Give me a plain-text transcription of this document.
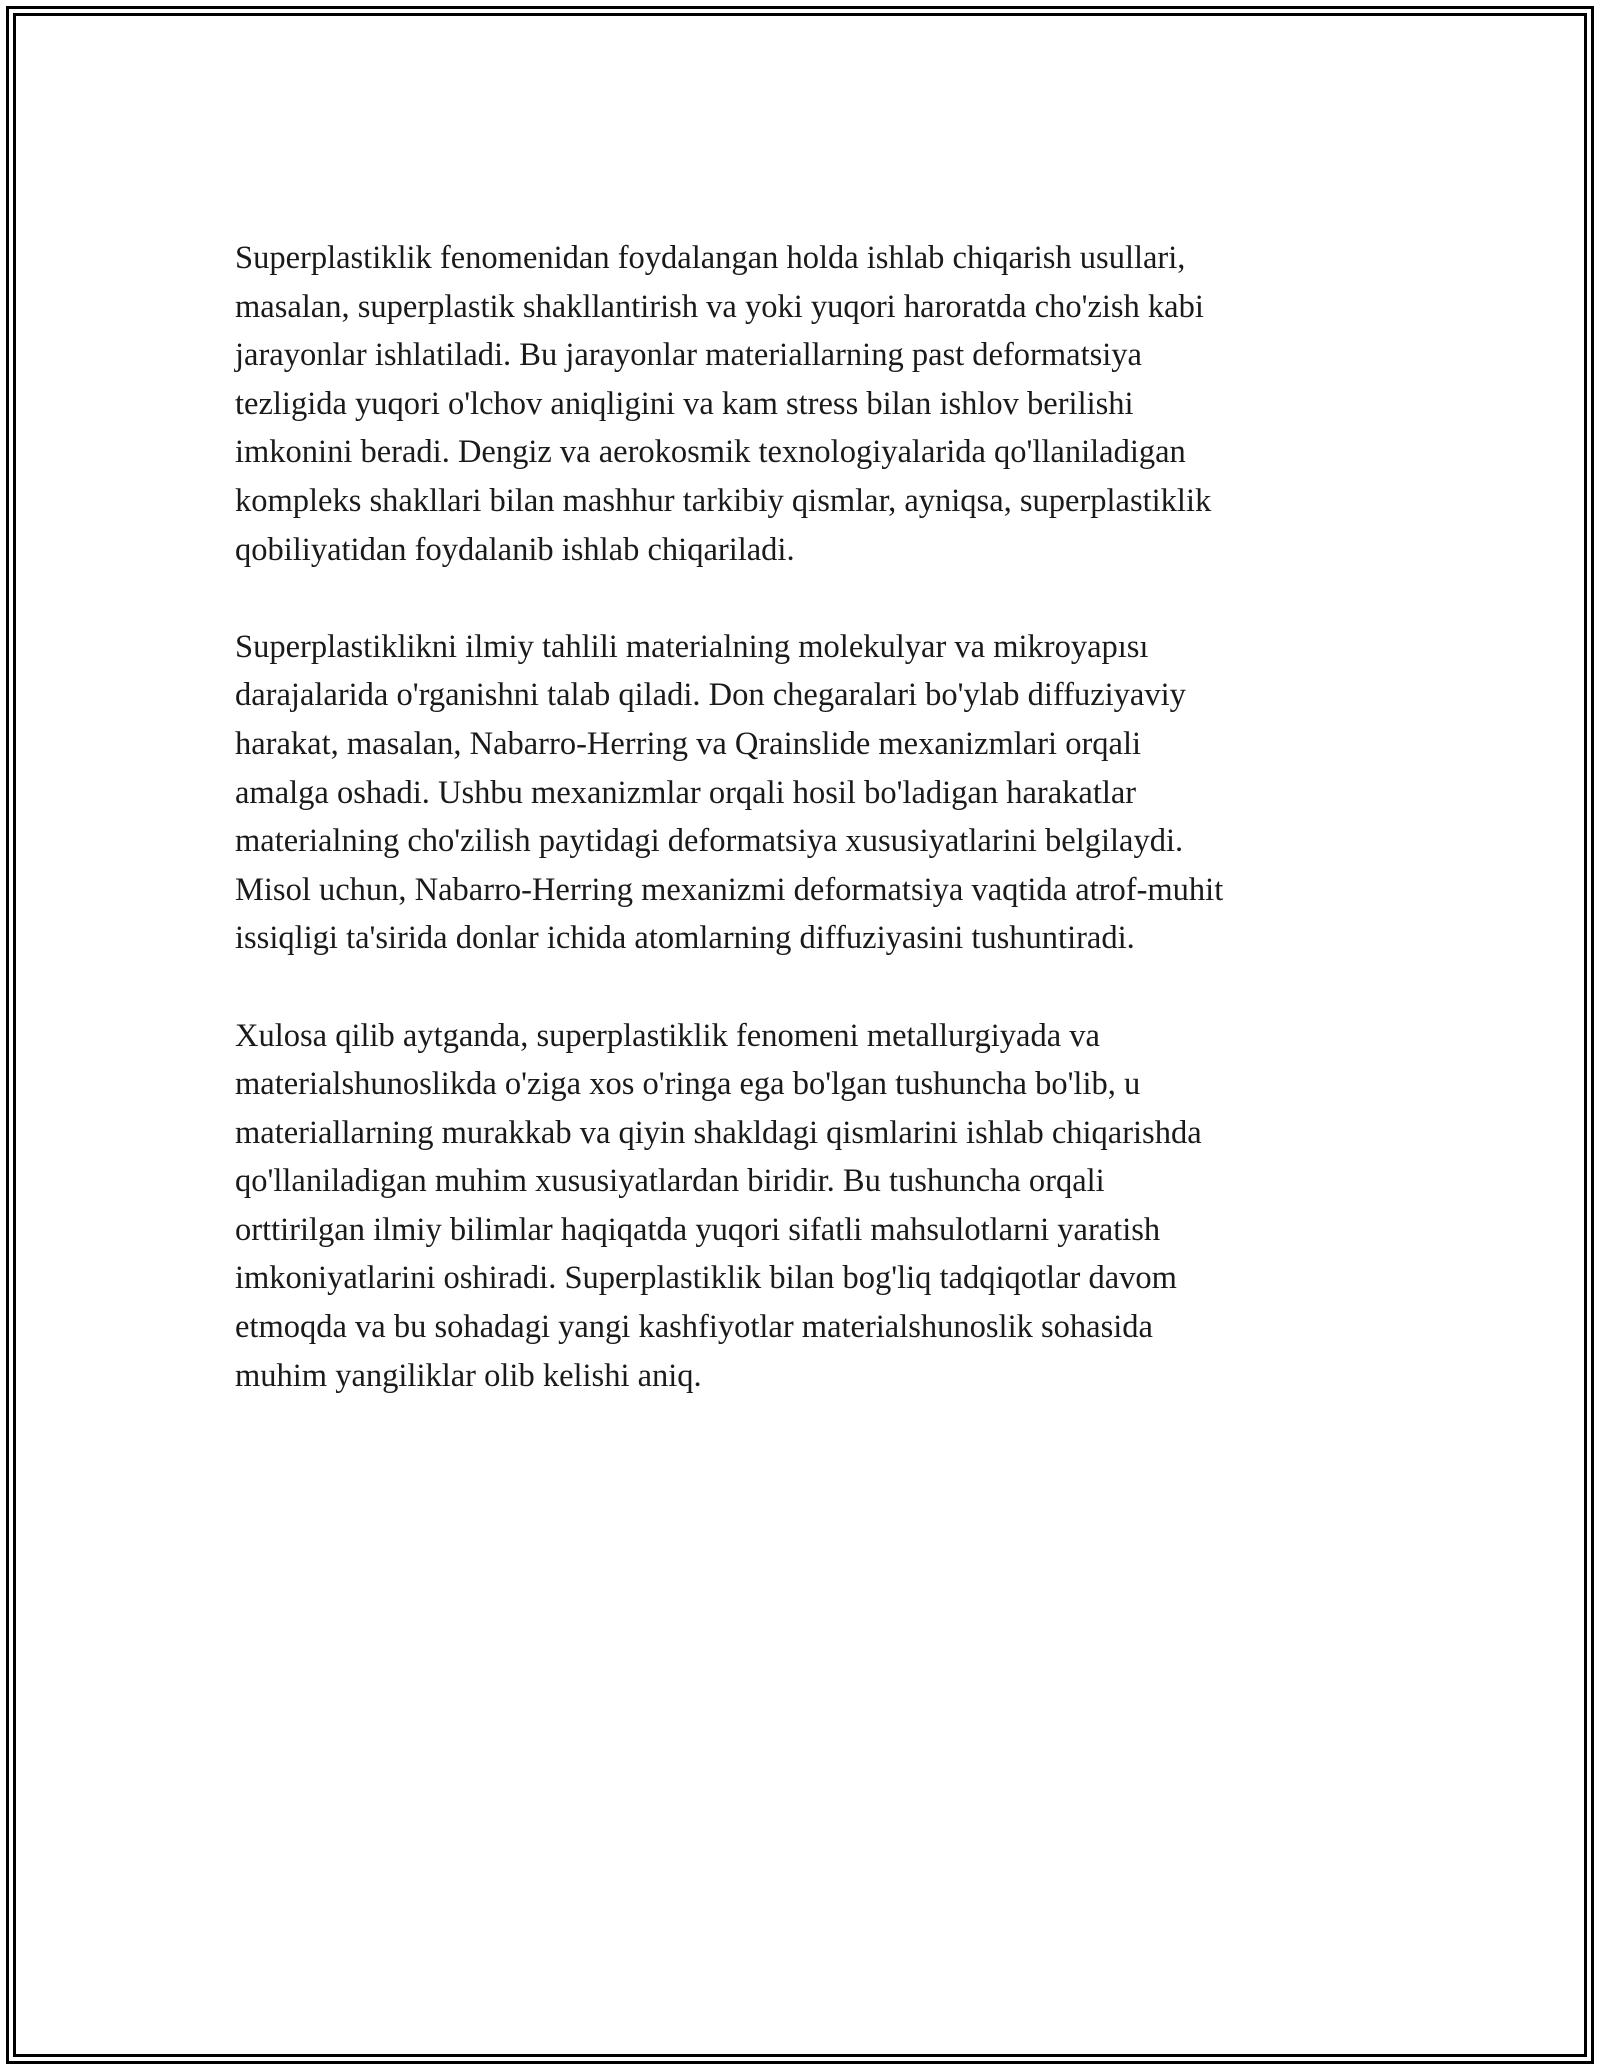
Superplastiklik fenomenidan foydalangan holda ishlab chiqarish usullari,
masalan, superplastik shakllantirish va yoki yuqori haroratda cho'zish kabi
jarayonlar ishlatiladi. Bu jarayonlar materiallarning past deformatsiya
tezligida yuqori o'lchov aniqligini va kam stress bilan ishlov berilishi
imkonini beradi. Dengiz va aerokosmik texnologiyalarida qo'llaniladigan
kompleks shakllari bilan mashhur tarkibiy qismlar, ayniqsa, superplastiklik
qobiliyatidan foydalanib ishlab chiqariladi.

Superplastiklikni ilmiy tahlili materialning molekulyar va mikroyapısı
darajalarida o'rganishni talab qiladi. Don chegaralari bo'ylab diffuziyaviy
harakat, masalan, Nabarro-Herring va Qrainslide mexanizmlari orqali
amalga oshadi. Ushbu mexanizmlar orqali hosil bo'ladigan harakatlar
materialning cho'zilish paytidagi deformatsiya xususiyatlarini belgilaydi.
Misol uchun, Nabarro-Herring mexanizmi deformatsiya vaqtida atrof-muhit
issiqligi ta'sirida donlar ichida atomlarning diffuziyasini tushuntiradi.

Xulosa qilib aytganda, superplastiklik fenomeni metallurgiyada va
materialshunoslikda o'ziga xos o'ringa ega bo'lgan tushuncha bo'lib, u
materiallarning murakkab va qiyin shakldagi qismlarini ishlab chiqarishda
qo'llaniladigan muhim xususiyatlardan biridir. Bu tushuncha orqali
orttirilgan ilmiy bilimlar haqiqatda yuqori sifatli mahsulotlarni yaratish
imkoniyatlarini oshiradi. Superplastiklik bilan bog'liq tadqiqotlar davom
etmoqda va bu sohadagi yangi kashfiyotlar materialshunoslik sohasida
muhim yangiliklar olib kelishi aniq.
